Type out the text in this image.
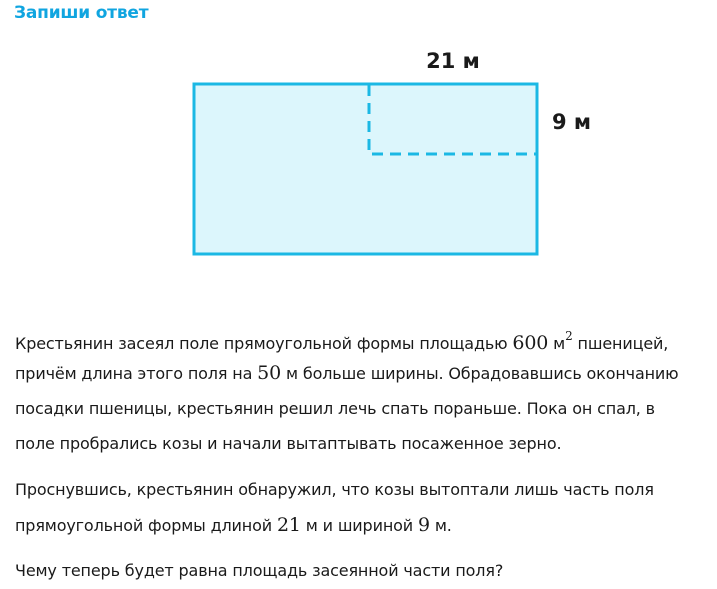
Запиши ответ
21 м
9 м

Крестьянин засеял поле прямоугольной формы площадью 600 $м^2$ пшеницей,

причём длина этого поля на 50 м больше ширины. Обрадовавшись окончанию

посадки пшеницы, крестьянин решил лечь спать пораньше. Пока он спал, в

поле пробрались козы и начали вытаптывать посаженное зерно.

Проснувшись, крестьянин обнаружил, что козы вытоптали лишь часть поля

прямоугольной формы длиной 21 м и шириной 9 м.

Чему теперь будет равна площадь засеянной части поля?
